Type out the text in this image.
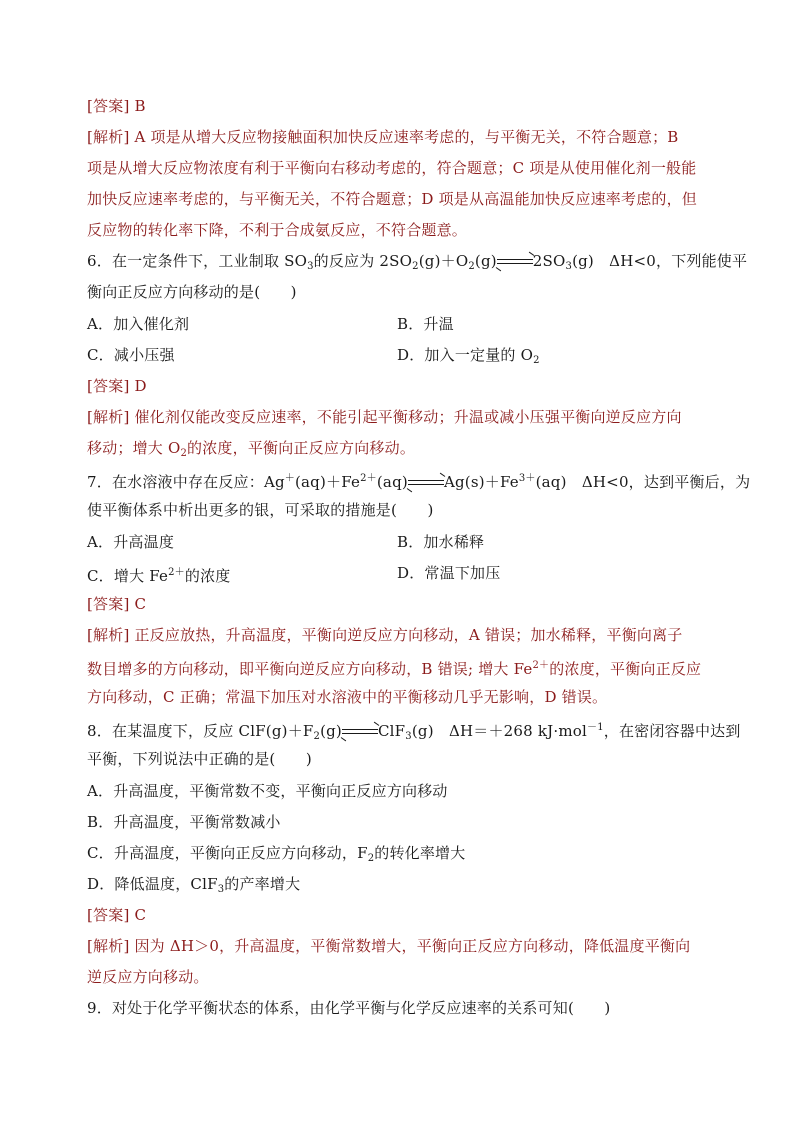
[答案] B
[解析] A 项是从增大反应物接触面积加快反应速率考虑的，与平衡无关，不符合题意；B
项是从增大反应物浓度有利于平衡向右移动考虑的，符合题意；C 项是从使用催化剂一般能
加快反应速率考虑的，与平衡无关，不符合题意；D 项是从高温能加快反应速率考虑的，但
反应物的转化率下降，不利于合成氨反应，不符合题意。
6．在一定条件下，工业制取 $SO_3$的反应为 $2SO_2(g)+O_2(g)$ $2SO_3(g)$　ΔH<0，下列能使平
衡向正反应方向移动的是(　　)
A．加入催化剂	B．升温
C．减小压强	D．加入一定量的 $O_2$
[答案] D
[解析] 催化剂仅能改变反应速率，不能引起平衡移动；升温或减小压强平衡向逆反应方向
移动；增大 $O_2$的浓度，平衡向正反应方向移动。
7．在水溶液中存在反应：$Ag^+(aq)+Fe^{2+}(aq)$ $Ag(s)+Fe^{3+}(aq)$　ΔH<0，达到平衡后，为
使平衡体系中析出更多的银，可采取的措施是(　　)
A．升高温度	B．加水稀释
C．增大 $Fe^{2+}$的浓度	D．常温下加压
[答案] C
[解析] 正反应放热，升高温度，平衡向逆反应方向移动，A 错误；加水稀释，平衡向离子
数目增多的方向移动，即平衡向逆反应方向移动，B 错误; 增大 $Fe^{2+}$的浓度，平衡向正反应
方向移动，C 正确；常温下加压对水溶液中的平衡移动几乎无影响，D 错误。
8．在某温度下，反应 $ClF(g)+F_2(g)$ ClF$_3$(g)　ΔH＝＋268 kJ·mol$^{-1}$，在密闭容器中达到
平衡，下列说法中正确的是(　　)
A．升高温度，平衡常数不变，平衡向正反应方向移动
B．升高温度，平衡常数减小
C．升高温度，平衡向正反应方向移动，$F_2$的转化率增大
D．降低温度，ClF$_3$的产率增大
[答案] C
[解析] 因为 ΔH＞0，升高温度，平衡常数增大，平衡向正反应方向移动，降低温度平衡向
逆反应方向移动。
9．对处于化学平衡状态的体系，由化学平衡与化学反应速率的关系可知(　　)
